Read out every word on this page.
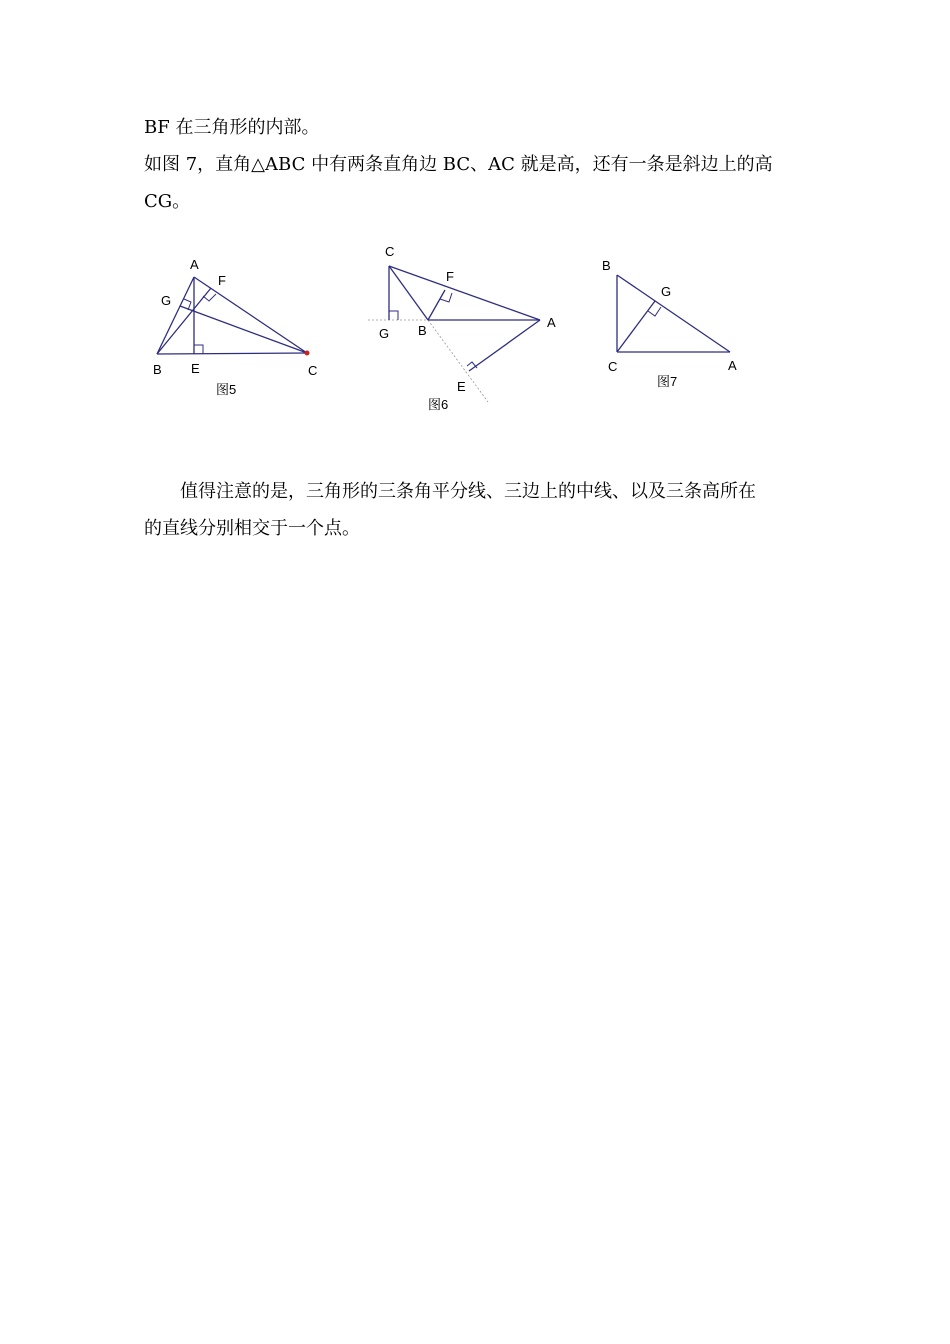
BF 在三角形的内部。
如图 7，直角△ABC 中有两条直角边 BC、AC 就是高，还有一条是斜边上的高
CG。
A
F
G
B E	C
图5
C
F
A
G B
E
图6
B
G
C	A
图7
值得注意的是，三角形的三条角平分线、三边上的中线、以及三条高所在
的直线分别相交于一个点。
